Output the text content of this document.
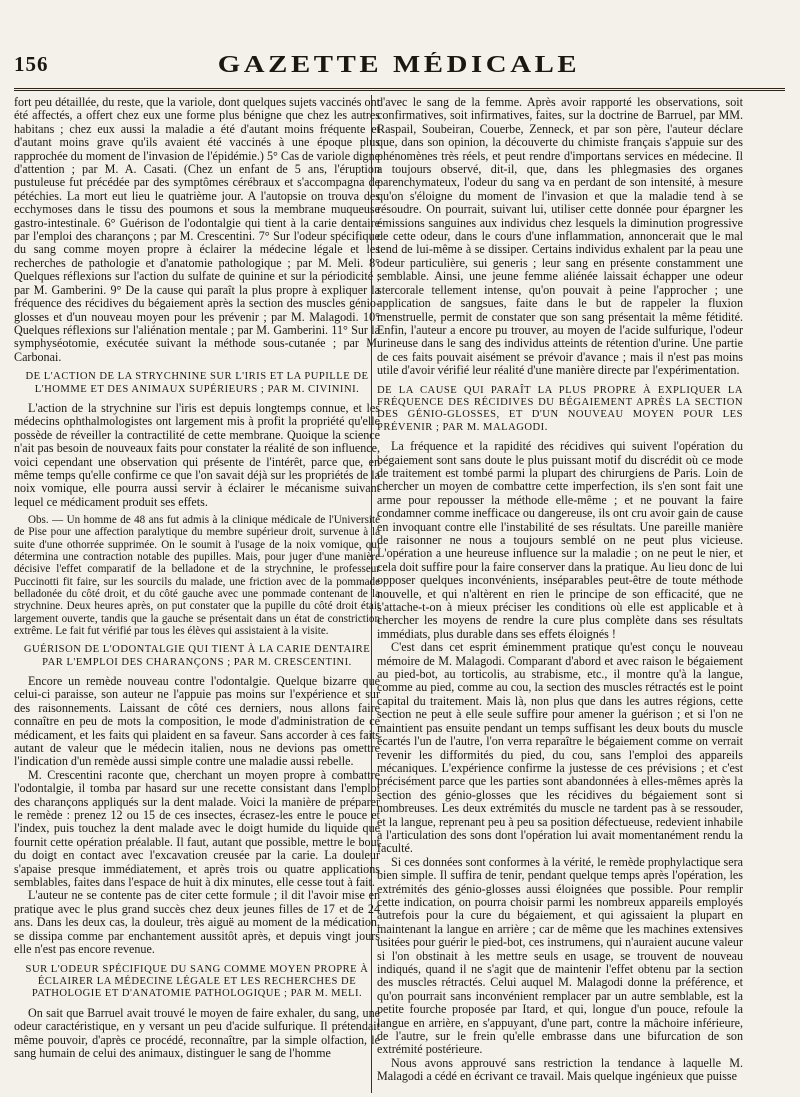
156	GAZETTE MÉDICALE

fort peu détaillée, du reste, que la variole, dont quelques sujets vaccinés ont été affectés, a offert chez eux une forme plus bénigne que chez les autres habitans ; chez eux aussi la maladie a été d'autant moins fréquente et d'autant moins grave qu'ils avaient été vaccinés à une époque plus rapprochée du moment de l'invasion de l'épidémie.) 5° Cas de variole digne d'attention ; par M. A. Casati. (Chez un enfant de 5 ans, l'éruption pustuleuse fut précédée par des symptômes cérébraux et s'accompagna de pétéchies. La mort eut lieu le quatrième jour. A l'autopsie on trouva des ecchymoses dans le tissu des poumons et sous la membrane muqueuse gastro-intestinale. 6° Guérison de l'odontalgie qui tient à la carie dentaire par l'emploi des charançons ; par M. Crescentini. 7° Sur l'odeur spécifique du sang comme moyen propre à éclairer la médecine légale et les recherches de pathologie et d'anatomie pathologique ; par M. Meli. 8° Quelques réflexions sur l'action du sulfate de quinine et sur la périodicité ; par M. Gamberini. 9° De la cause qui paraît la plus propre à expliquer la fréquence des récidives du bégaiement après la section des muscles génio-glosses et d'un nouveau moyen pour les prévenir ; par M. Malagodi. 10° Quelques réflexions sur l'aliénation mentale ; par M. Gamberini. 11° Sur la symphyséotomie, exécutée suivant la méthode sous-cutanée ; par M. Carbonai.

DE L'ACTION DE LA STRYCHNINE SUR L'IRIS ET LA PUPILLE DE L'HOMME ET DES ANIMAUX SUPÉRIEURS ; PAR M. CIVININI.

L'action de la strychnine sur l'iris est depuis longtemps connue, et les médecins ophthalmologistes ont largement mis à profit la propriété qu'elle possède de réveiller la contractilité de cette membrane. Quoique la science n'ait pas besoin de nouveaux faits pour constater la réalité de son influence, voici cependant une observation qui présente de l'intérêt, parce que, en même temps qu'elle confirme ce que l'on savait déjà sur les propriétés de la noix vomique, elle pourra aussi servir à éclairer le mécanisme suivant lequel ce médicament produit ses effets.

Obs. — Un homme de 48 ans fut admis à la clinique médicale de l'Université de Pise pour une affection paralytique du membre supérieur droit, survenue à la suite d'une othorrée supprimée. On le soumit à l'usage de la noix vomique, qui détermina une contraction notable des pupilles. Mais, pour juger d'une manière décisive l'effet comparatif de la belladone et de la strychnine, le professeur Puccinotti fit faire, sur les sourcils du malade, une friction avec de la pommade belladonée du côté droit, et du côté gauche avec une pommade contenant de la strychnine. Deux heures après, on put constater que la pupille du côté droit était largement ouverte, tandis que la gauche se présentait dans un état de constriction extrême. Le fait fut vérifié par tous les élèves qui assistaient à la visite.

GUÉRISON DE L'ODONTALGIE QUI TIENT À LA CARIE DENTAIRE PAR L'EMPLOI DES CHARANÇONS ; PAR M. CRESCENTINI.

Encore un remède nouveau contre l'odontalgie. Quelque bizarre que celui-ci paraisse, son auteur ne l'appuie pas moins sur l'expérience et sur des raisonnements. Laissant de côté ces derniers, nous allons faire connaître en peu de mots la composition, le mode d'administration de ce médicament, et les faits qui plaident en sa faveur. Sans accorder à ces faits autant de valeur que le médecin italien, nous ne devions pas omettre l'indication d'un remède aussi simple contre une maladie aussi rebelle.

M. Crescentini raconte que, cherchant un moyen propre à combattre l'odontalgie, il tomba par hasard sur une recette consistant dans l'emploi des charançons appliqués sur la dent malade. Voici la manière de préparer le remède : prenez 12 ou 15 de ces insectes, écrasez-les entre le pouce et l'index, puis touchez la dent malade avec le doigt humide du liquide que fournit cette opération préalable. Il faut, autant que possible, mettre le bout du doigt en contact avec l'excavation creusée par la carie. La douleur s'apaise presque immédiatement, et après trois ou quatre applications semblables, faites dans l'espace de huit à dix minutes, elle cesse tout à fait.

L'auteur ne se contente pas de citer cette formule ; il dit l'avoir mise en pratique avec le plus grand succès chez deux jeunes filles de 17 et de 24 ans. Dans les deux cas, la douleur, très aiguë au moment de la médication, se dissipa comme par enchantement aussitôt après, et depuis vingt jours elle n'est pas encore revenue.

SUR L'ODEUR SPÉCIFIQUE DU SANG COMME MOYEN PROPRE À ÉCLAIRER LA MÉDECINE LÉGALE ET LES RECHERCHES DE PATHOLOGIE ET D'ANATOMIE PATHOLOGIQUE ; PAR M. MELI.

On sait que Barruel avait trouvé le moyen de faire exhaler, du sang, une odeur caractéristique, en y versant un peu d'acide sulfurique. Il prétendait même pouvoir, d'après ce procédé, reconnaître, par la simple olfaction, le sang humain de celui des animaux, distinguer le sang de l'homme

d'avec le sang de la femme. Après avoir rapporté les observations, soit confirmatives, soit infirmatives, faites, sur la doctrine de Barruel, par MM. Raspail, Soubeiran, Couerbe, Zenneck, et par son père, l'auteur déclare que, dans son opinion, la découverte du chimiste français s'appuie sur des phénomènes très réels, et peut rendre d'importans services en médecine. Il a toujours observé, dit-il, que, dans les phlegmasies des organes parenchymateux, l'odeur du sang va en perdant de son intensité, à mesure qu'on s'éloigne du moment de l'invasion et que la maladie tend à se résoudre. On pourrait, suivant lui, utiliser cette donnée pour épargner les émissions sanguines aux individus chez lesquels la diminution progressive de cette odeur, dans le cours d'une inflammation, annoncerait que le mal tend de lui-même à se dissiper. Certains individus exhalent par la peau une odeur particulière, sui generis ; leur sang en présente constamment une semblable. Ainsi, une jeune femme aliénée laissait échapper une odeur stercorale tellement intense, qu'on pouvait à peine l'approcher ; une application de sangsues, faite dans le but de rappeler la fluxion menstruelle, permit de constater que son sang présentait la même fétidité. Enfin, l'auteur a encore pu trouver, au moyen de l'acide sulfurique, l'odeur urineuse dans le sang des individus atteints de rétention d'urine. Une partie de ces faits pouvait aisément se prévoir d'avance ; mais il n'est pas moins utile d'avoir vérifié leur réalité d'une manière directe par l'expérimentation.

DE LA CAUSE QUI PARAÎT LA PLUS PROPRE À EXPLIQUER LA FRÉQUENCE DES RÉCIDIVES DU BÉGAIEMENT APRÈS LA SECTION DES GÉNIO-GLOSSES, ET D'UN NOUVEAU MOYEN POUR LES PRÉVENIR ; PAR M. MALAGODI.

La fréquence et la rapidité des récidives qui suivent l'opération du bégaiement sont sans doute le plus puissant motif du discrédit où ce mode de traitement est tombé parmi la plupart des chirurgiens de Paris. Loin de chercher un moyen de combattre cette imperfection, ils s'en sont fait une arme pour repousser la méthode elle-même ; et ne pouvant la faire condamner comme inefficace ou dangereuse, ils ont cru avoir gain de cause en invoquant contre elle l'instabilité de ses résultats. Une pareille manière de raisonner ne nous a toujours semblé on ne peut plus vicieuse. L'opération a une heureuse influence sur la maladie ; on ne peut le nier, et cela doit suffire pour la faire conserver dans la pratique. Au lieu donc de lui opposer quelques inconvénients, inséparables peut-être de toute méthode nouvelle, et qui n'altèrent en rien le principe de son efficacité, que ne s'attache-t-on à mieux préciser les conditions où elle est applicable et à chercher les moyens de rendre la cure plus complète dans ses résultats immédiats, plus durable dans ses effets éloignés !

C'est dans cet esprit éminemment pratique qu'est conçu le nouveau mémoire de M. Malagodi. Comparant d'abord et avec raison le bégaiement au pied-bot, au torticolis, au strabisme, etc., il montre qu'à la langue, comme au pied, comme au cou, la section des muscles rétractés est le point capital du traitement. Mais là, non plus que dans les autres régions, cette section ne peut à elle seule suffire pour amener la guérison ; et si l'on ne maintient pas ensuite pendant un temps suffisant les deux bouts du muscle écartés l'un de l'autre, l'on verra reparaître le bégaiement comme on verrait revenir les difformités du pied, du cou, sans l'emploi des appareils mécaniques. L'expérience confirme la justesse de ces prévisions ; et c'est précisément parce que les parties sont abandonnées à elles-mêmes après la section des génio-glosses que les récidives du bégaiement sont si nombreuses. Les deux extrémités du muscle ne tardent pas à se ressouder, et la langue, reprenant peu à peu sa position défectueuse, redevient inhabile à l'articulation des sons dont l'opération lui avait momentanément rendu la faculté.

Si ces données sont conformes à la vérité, le remède prophylactique sera bien simple. Il suffira de tenir, pendant quelque temps après l'opération, les extrémités des génio-glosses aussi éloignées que possible. Pour remplir cette indication, on pourra choisir parmi les nombreux appareils employés autrefois pour la cure du bégaiement, et qui agissaient la plupart en maintenant la langue en arrière ; car de même que les machines extensives usitées pour guérir le pied-bot, ces instrumens, qui n'auraient aucune valeur si l'on obstinait à les mettre seuls en usage, se trouvent de nouveau indiqués, quand il ne s'agit que de maintenir l'effet obtenu par la section des muscles rétractés. Celui auquel M. Malagodi donne la préférence, et qu'on pourrait sans inconvénient remplacer par un autre semblable, est la petite fourche proposée par Itard, et qui, longue d'un pouce, refoule la langue en arrière, en s'appuyant, d'une part, contre la mâchoire inférieure, de l'autre, sur le frein qu'elle embrasse dans une bifurcation de son extrémité postérieure.

Nous avons approuvé sans restriction la tendance à laquelle M. Malagodi a cédé en écrivant ce travail. Mais quelque ingénieux que puisse
